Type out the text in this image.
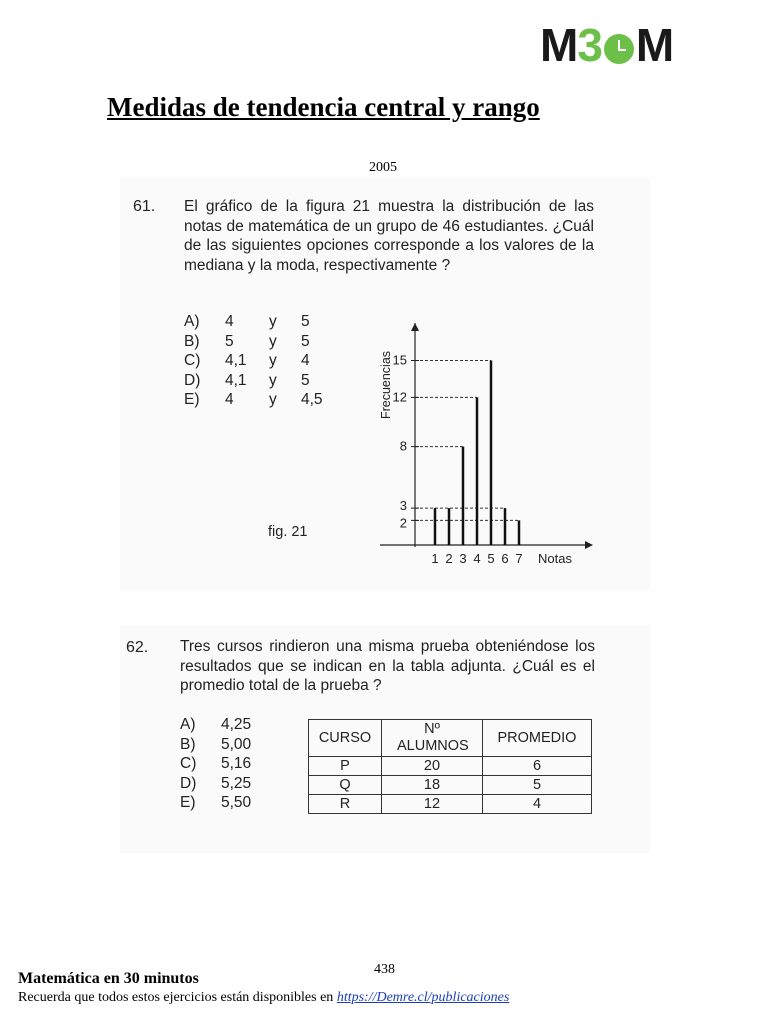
M3 M
Medidas de tendencia central y rango
2005
61. El gráfico de la figura 21 muestra la distribución de las notas de matemática de un grupo de 46 estudiantes. ¿Cuál de las siguientes opciones corresponde a los valores de la mediana y la moda, respectivamente ?
A)	4	y	5
B)	5	y	5
C)	4,1	y	4
D)	4,1	y	5
E)	4	y	4,5
fig. 21
2
3
8
12
15
1 2 3 4 5 6 7 Notas
Frecuencias
62. Tres cursos rindieron una misma prueba obteniéndose los resultados que se indican en la tabla adjunta. ¿Cuál es el promedio total de la prueba ?
A)	4,25
B)	5,00
C)	5,16
D)	5,25
E)	5,50
CURSO	Nº ALUMNOS	PROMEDIO
P	20	6
Q	18	5
R	12	4
438
Matemática en 30 minutos
Recuerda que todos estos ejercicios están disponibles en https://Demre.cl/publicaciones
